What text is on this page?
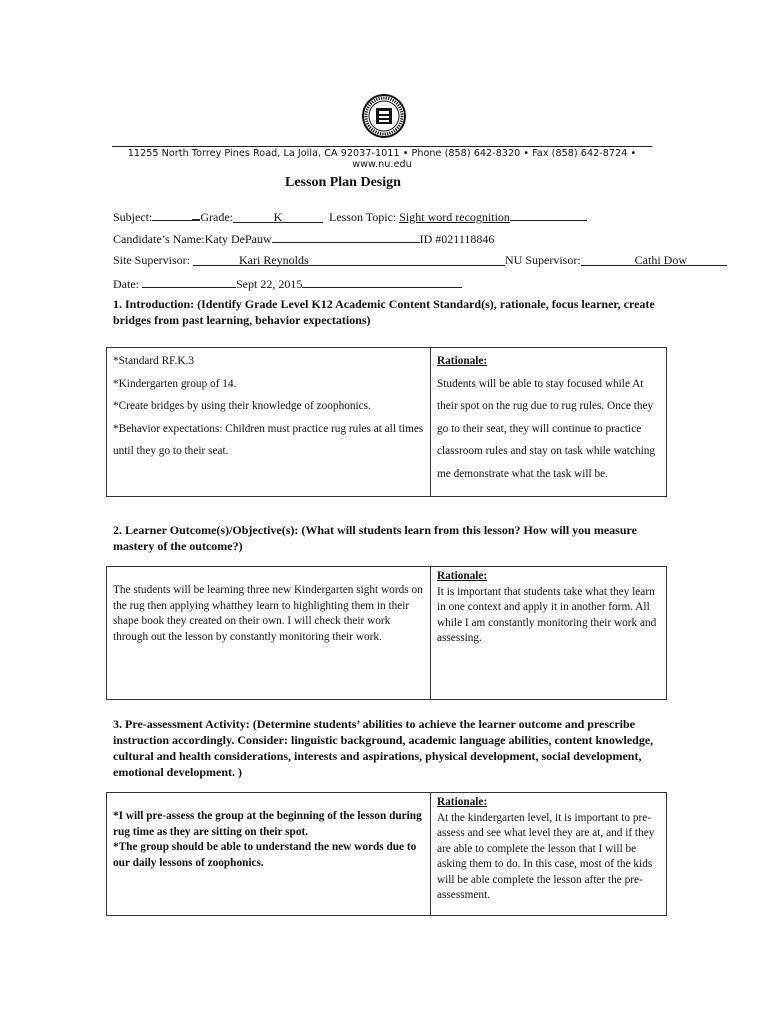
11255 North Torrey Pines Road, La Jolla, CA 92037-1011 • Phone (858) 642-8320 • Fax (858) 642-8724 • www.nu.edu
Lesson Plan Design
Subject:	Grade:	K	Lesson Topic: Sight word recognition
Candidate’s Name:Katy DePauw	ID #021118846
Site Supervisor:	Kari Reynolds	NU Supervisor:	Cathi Dow
Date:	Sept 22, 2015
1. Introduction: (Identify Grade Level K12 Academic Content Standard(s), rationale, focus learner, create bridges from past learning, behavior expectations)

*Standard RF.K.3

*Kindergarten group of 14.

*Create bridges by using their knowledge of zoophonics.

*Behavior expectations: Children must practice rug rules at all times until they go to their seat.

Rationale:

Students will be able to stay focused while At their spot on the rug due to rug rules. Once they go to their seat, they will continue to practice classroom rules and stay on task while watching me demonstrate what the task will be.

2. Learner Outcome(s)/Objective(s): (What will students learn from this lesson? How will you measure mastery of the outcome?)

The students will be learning three new Kindergarten sight words on the rug then applying whatthey learn to highlighting them in their shape book they created on their own. I will check their work through out the lesson by constantly monitoring their work.

Rationale:

It is important that students take what they learn in one context and apply it in another form. All while I am constantly monitoring their work and assessing.

3. Pre-assessment Activity: (Determine students’ abilities to achieve the learner outcome and prescribe instruction accordingly. Consider: linguistic background, academic language abilities, content knowledge, cultural and health considerations, interests and aspirations, physical development, social development, emotional development. )

*I will pre-assess the group at the beginning of the lesson during rug time as they are sitting on their spot.

*The group should be able to understand the new words due to our daily lessons of zoophonics.

Rationale:

At the kindergarten level, it is important to pre-assess and see what level they are at, and if they are able to complete the lesson that I will be asking them to do. In this case, most of the kids will be able complete the lesson after the pre-assessment.
